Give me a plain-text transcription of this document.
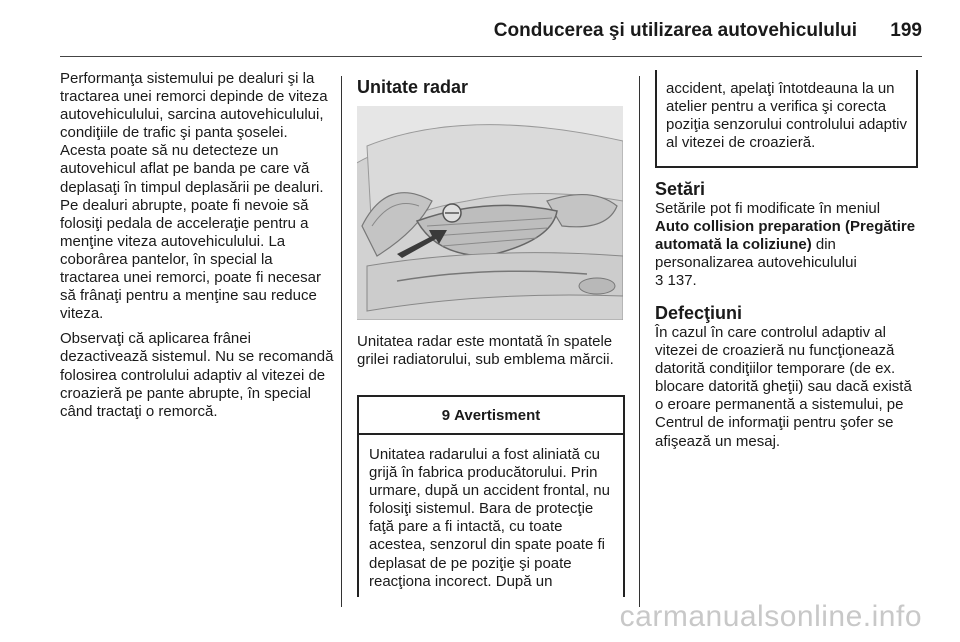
Conducerea şi utilizarea autovehiculului 199

Performanţa sistemului pe dealuri şi la tractarea unei remorci depinde de viteza autovehiculului, sarcina autovehiculului, condiţiile de trafic şi panta şoselei. Acesta poate să nu detecteze un autovehicul aflat pe banda pe care vă deplasaţi în timpul deplasării pe dealuri. Pe dealuri abrupte, poate fi nevoie să folosiţi pedala de acceleraţie pentru a menţine viteza autovehiculului. La coborârea pantelor, în special la tractarea unei remorci, poate fi necesar să frânaţi pentru a menţine sau reduce viteza.

Observaţi că aplicarea frânei dezactivează sistemul. Nu se recomandă folosirea controlului adaptiv al vitezei de croazieră pe pante abrupte, în special când tractaţi o remorcă.

Unitate radar
Unitatea radar este montată în spatele grilei radiatorului, sub emblema mărcii.
9 Avertisment
Unitatea radarului a fost aliniată cu grijă în fabrica producătorului. Prin urmare, după un accident frontal, nu folosiţi sistemul. Bara de protecţie faţă pare a fi intactă, cu toate acestea, senzorul din spate poate fi deplasat de pe poziţie şi poate reacţiona incorect. După un
accident, apelaţi întotdeauna la un atelier pentru a verifica şi corecta poziţia senzorului controlului adaptiv al vitezei de croazieră.
Setări
Setările pot fi modificate în meniul
Auto collision preparation (Pregătire automată la coliziune) din personalizarea autovehiculului
3 137.
Defecţiuni
În cazul în care controlul adaptiv al vitezei de croazieră nu funcţionează datorită condiţiilor temporare (de ex. blocare datorită gheţii) sau dacă există o eroare permanentă a sistemului, pe Centrul de informaţii pentru şofer se afişează un mesaj.
carmanualsonline.info
